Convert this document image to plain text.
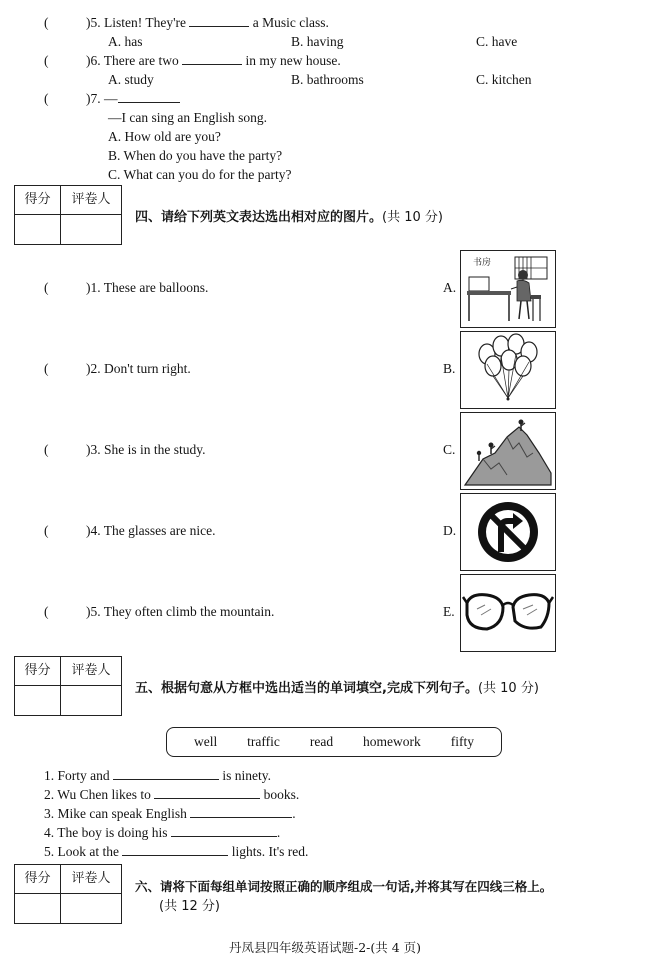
(	)5. Listen! They're	a Music class.
A. has	B. having	C. have
(	)6. There are two	in my new house.
A. study	B. bathrooms	C. kitchen
(	)7. —
—I can sing an English song.
A. How old are you?
B. When do you have the party?
C. What can you do for the party?
得分	评卷人
四、请给下列英文表达选出相对应的图片。(共 10 分)
(	)1. These are balloons.	A.
(	)2. Don't turn right.	B.
(	)3. She is in the study.	C.
(	)4. The glasses are nice.	D.
(	)5. They often climb the mountain.	E.
书房
得分	评卷人
五、根据句意从方框中选出适当的单词填空,完成下列句子。(共 10 分)
well traffic read homework fifty
1. Forty and	is ninety.
2. Wu Chen likes to	books.
3. Mike can speak English	.
4. The boy is doing his	.
5. Look at the	lights. It's red.
得分	评卷人
六、请将下面每组单词按照正确的顺序组成一句话,并将其写在四线三格上。
(共 12 分)
丹凤县四年级英语试题-2-(共 4 页)
